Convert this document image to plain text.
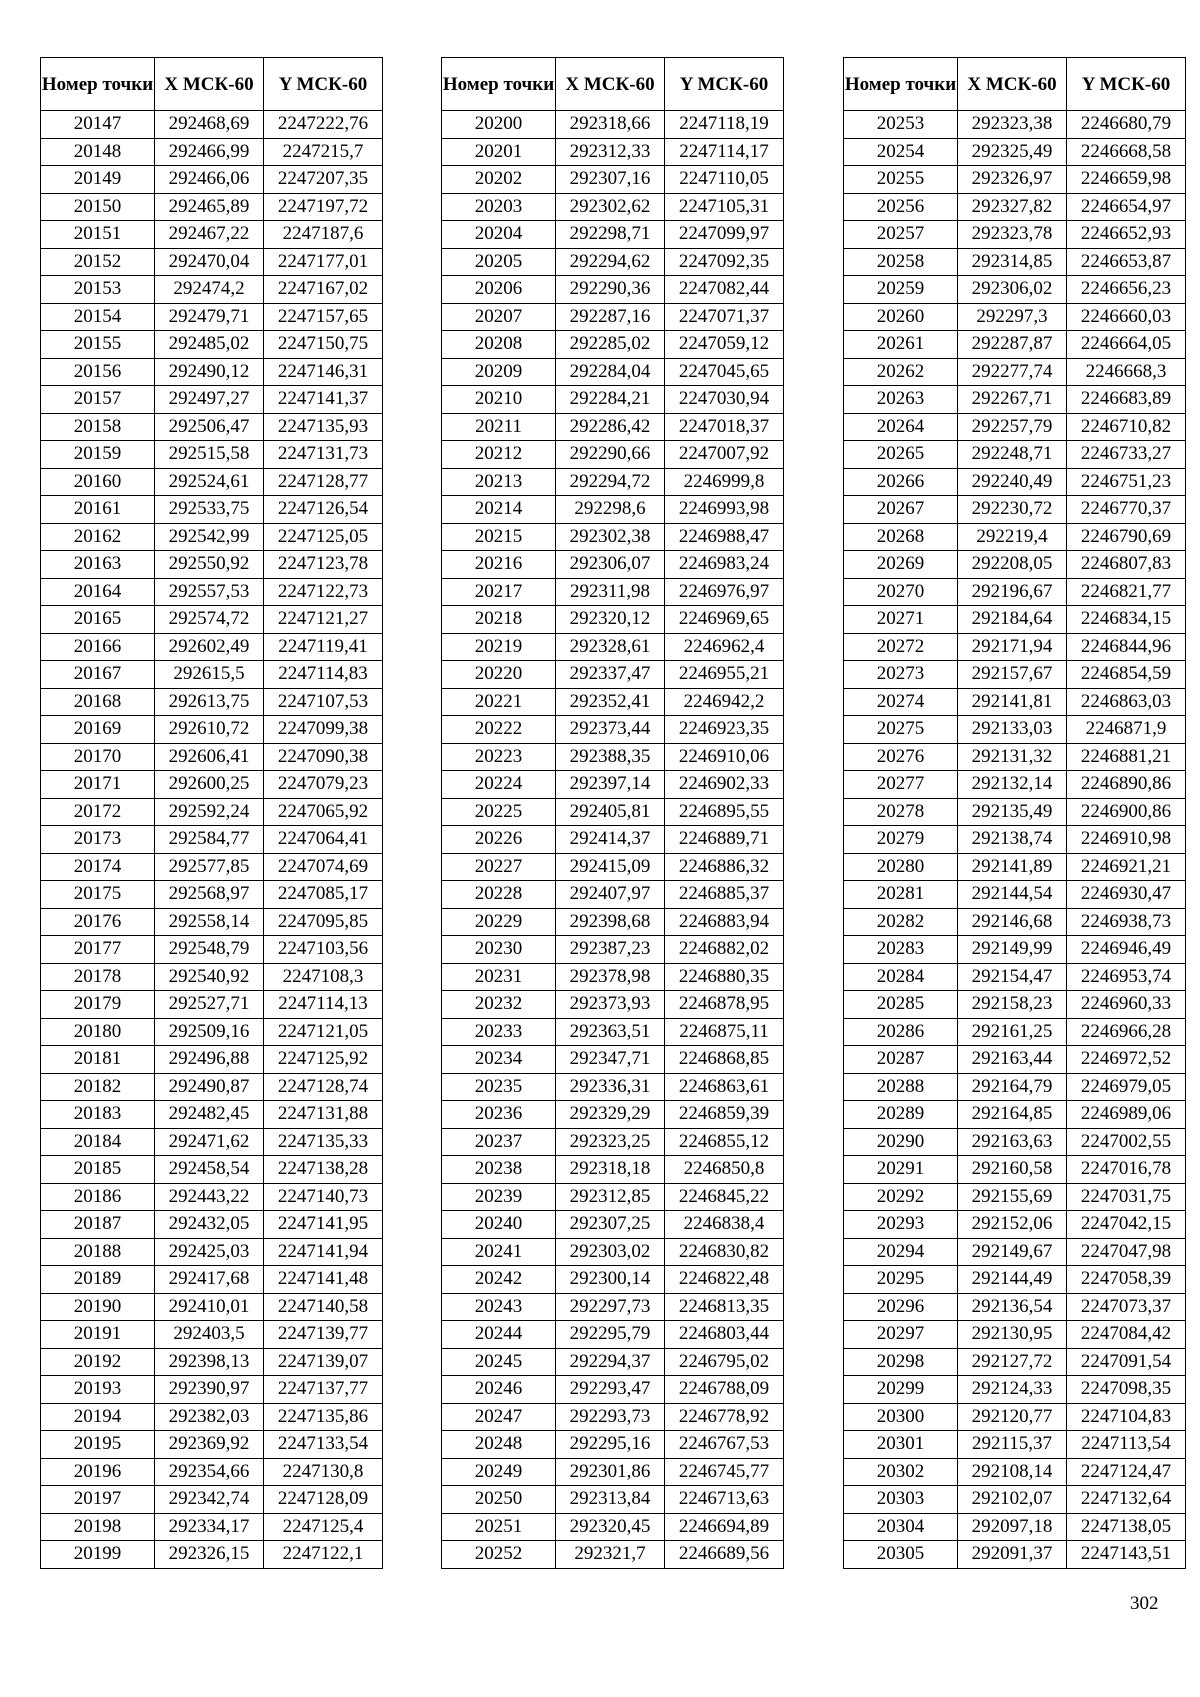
Номер точки	X МСК-60	Y МСК-60
20147	292468,69	2247222,76
20148	292466,99	2247215,7
20149	292466,06	2247207,35
20150	292465,89	2247197,72
20151	292467,22	2247187,6
20152	292470,04	2247177,01
20153	292474,2	2247167,02
20154	292479,71	2247157,65
20155	292485,02	2247150,75
20156	292490,12	2247146,31
20157	292497,27	2247141,37
20158	292506,47	2247135,93
20159	292515,58	2247131,73
20160	292524,61	2247128,77
20161	292533,75	2247126,54
20162	292542,99	2247125,05
20163	292550,92	2247123,78
20164	292557,53	2247122,73
20165	292574,72	2247121,27
20166	292602,49	2247119,41
20167	292615,5	2247114,83
20168	292613,75	2247107,53
20169	292610,72	2247099,38
20170	292606,41	2247090,38
20171	292600,25	2247079,23
20172	292592,24	2247065,92
20173	292584,77	2247064,41
20174	292577,85	2247074,69
20175	292568,97	2247085,17
20176	292558,14	2247095,85
20177	292548,79	2247103,56
20178	292540,92	2247108,3
20179	292527,71	2247114,13
20180	292509,16	2247121,05
20181	292496,88	2247125,92
20182	292490,87	2247128,74
20183	292482,45	2247131,88
20184	292471,62	2247135,33
20185	292458,54	2247138,28
20186	292443,22	2247140,73
20187	292432,05	2247141,95
20188	292425,03	2247141,94
20189	292417,68	2247141,48
20190	292410,01	2247140,58
20191	292403,5	2247139,77
20192	292398,13	2247139,07
20193	292390,97	2247137,77
20194	292382,03	2247135,86
20195	292369,92	2247133,54
20196	292354,66	2247130,8
20197	292342,74	2247128,09
20198	292334,17	2247125,4
20199	292326,15	2247122,1
Номер точки	X МСК-60	Y МСК-60
20200	292318,66	2247118,19
20201	292312,33	2247114,17
20202	292307,16	2247110,05
20203	292302,62	2247105,31
20204	292298,71	2247099,97
20205	292294,62	2247092,35
20206	292290,36	2247082,44
20207	292287,16	2247071,37
20208	292285,02	2247059,12
20209	292284,04	2247045,65
20210	292284,21	2247030,94
20211	292286,42	2247018,37
20212	292290,66	2247007,92
20213	292294,72	2246999,8
20214	292298,6	2246993,98
20215	292302,38	2246988,47
20216	292306,07	2246983,24
20217	292311,98	2246976,97
20218	292320,12	2246969,65
20219	292328,61	2246962,4
20220	292337,47	2246955,21
20221	292352,41	2246942,2
20222	292373,44	2246923,35
20223	292388,35	2246910,06
20224	292397,14	2246902,33
20225	292405,81	2246895,55
20226	292414,37	2246889,71
20227	292415,09	2246886,32
20228	292407,97	2246885,37
20229	292398,68	2246883,94
20230	292387,23	2246882,02
20231	292378,98	2246880,35
20232	292373,93	2246878,95
20233	292363,51	2246875,11
20234	292347,71	2246868,85
20235	292336,31	2246863,61
20236	292329,29	2246859,39
20237	292323,25	2246855,12
20238	292318,18	2246850,8
20239	292312,85	2246845,22
20240	292307,25	2246838,4
20241	292303,02	2246830,82
20242	292300,14	2246822,48
20243	292297,73	2246813,35
20244	292295,79	2246803,44
20245	292294,37	2246795,02
20246	292293,47	2246788,09
20247	292293,73	2246778,92
20248	292295,16	2246767,53
20249	292301,86	2246745,77
20250	292313,84	2246713,63
20251	292320,45	2246694,89
20252	292321,7	2246689,56
Номер точки	X МСК-60	Y МСК-60
20253	292323,38	2246680,79
20254	292325,49	2246668,58
20255	292326,97	2246659,98
20256	292327,82	2246654,97
20257	292323,78	2246652,93
20258	292314,85	2246653,87
20259	292306,02	2246656,23
20260	292297,3	2246660,03
20261	292287,87	2246664,05
20262	292277,74	2246668,3
20263	292267,71	2246683,89
20264	292257,79	2246710,82
20265	292248,71	2246733,27
20266	292240,49	2246751,23
20267	292230,72	2246770,37
20268	292219,4	2246790,69
20269	292208,05	2246807,83
20270	292196,67	2246821,77
20271	292184,64	2246834,15
20272	292171,94	2246844,96
20273	292157,67	2246854,59
20274	292141,81	2246863,03
20275	292133,03	2246871,9
20276	292131,32	2246881,21
20277	292132,14	2246890,86
20278	292135,49	2246900,86
20279	292138,74	2246910,98
20280	292141,89	2246921,21
20281	292144,54	2246930,47
20282	292146,68	2246938,73
20283	292149,99	2246946,49
20284	292154,47	2246953,74
20285	292158,23	2246960,33
20286	292161,25	2246966,28
20287	292163,44	2246972,52
20288	292164,79	2246979,05
20289	292164,85	2246989,06
20290	292163,63	2247002,55
20291	292160,58	2247016,78
20292	292155,69	2247031,75
20293	292152,06	2247042,15
20294	292149,67	2247047,98
20295	292144,49	2247058,39
20296	292136,54	2247073,37
20297	292130,95	2247084,42
20298	292127,72	2247091,54
20299	292124,33	2247098,35
20300	292120,77	2247104,83
20301	292115,37	2247113,54
20302	292108,14	2247124,47
20303	292102,07	2247132,64
20304	292097,18	2247138,05
20305	292091,37	2247143,51
302
